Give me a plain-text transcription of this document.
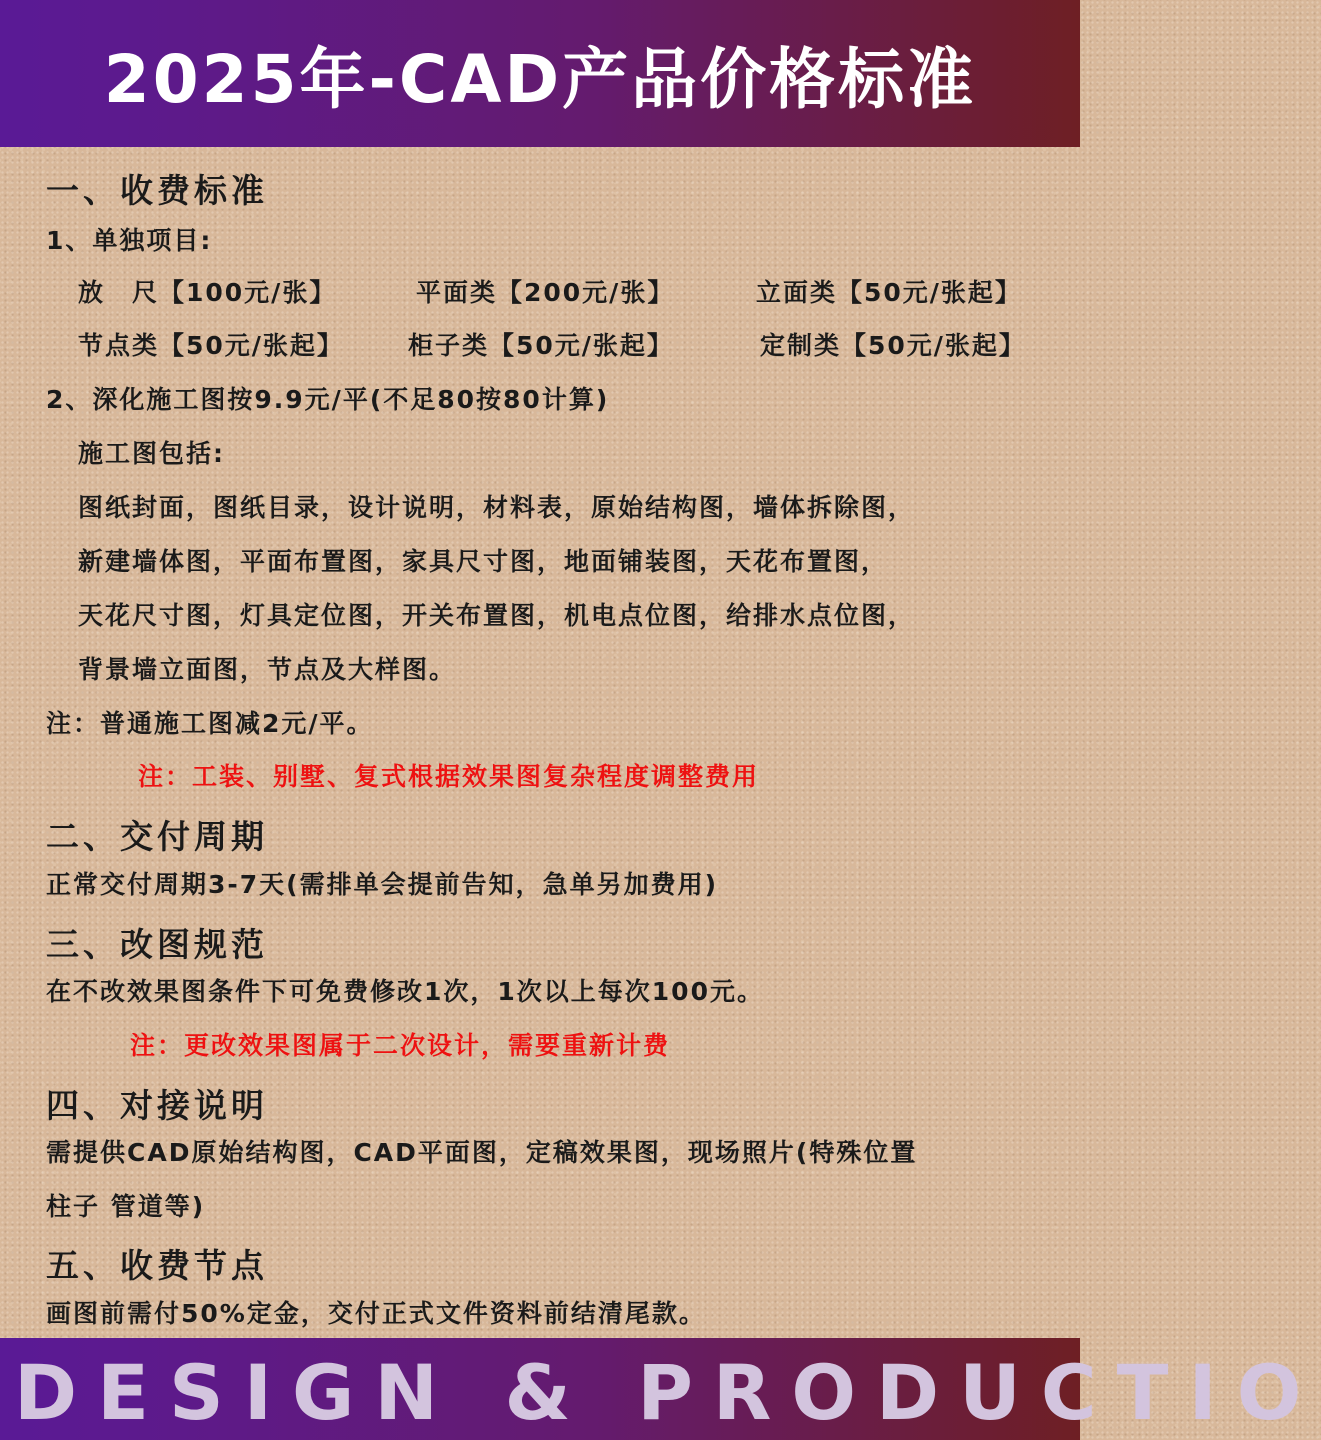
2025年-CAD产品价格标准
一、收费标准
1、单独项目:
放　尺【100元/张】	平面类【200元/张】	立面类【50元/张起】
节点类【50元/张起】	柜子类【50元/张起】	定制类【50元/张起】
2、深化施工图按9.9元/平(不足80按80计算)
施工图包括:
图纸封面，图纸目录，设计说明，材料表，原始结构图，墙体拆除图，
新建墙体图，平面布置图，家具尺寸图，地面铺装图，天花布置图，
天花尺寸图，灯具定位图，开关布置图，机电点位图，给排水点位图，
背景墙立面图，节点及大样图。
注：普通施工图减2元/平。
注：工装、别墅、复式根据效果图复杂程度调整费用
二、交付周期
正常交付周期3-7天(需排单会提前告知，急单另加费用)
三、改图规范
在不改效果图条件下可免费修改1次，1次以上每次100元。
注：更改效果图属于二次设计，需要重新计费
四、对接说明
需提供CAD原始结构图，CAD平面图，定稿效果图，现场照片(特殊位置
柱子 管道等)
五、收费节点
画图前需付50%定金，交付正式文件资料前结清尾款。
DESIGN & PRODUCTIO
